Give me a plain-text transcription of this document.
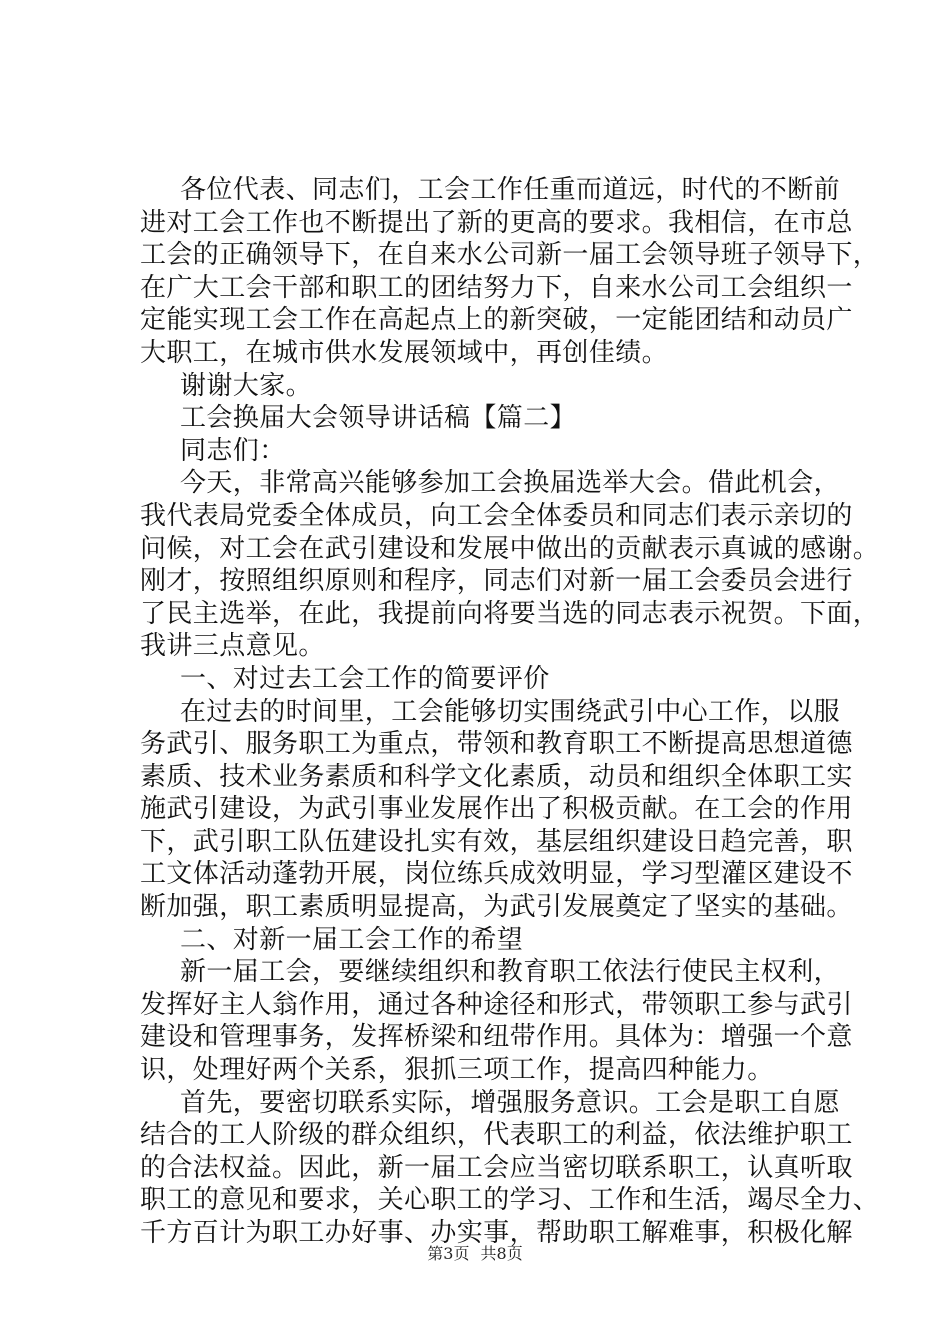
各位代表、同志们，工会工作任重而道远，时代的不断前
进对工会工作也不断提出了新的更高的要求。我相信，在市总
工会的正确领导下，在自来水公司新一届工会领导班子领导下，
在广大工会干部和职工的团结努力下，自来水公司工会组织一
定能实现工会工作在高起点上的新突破，一定能团结和动员广
大职工，在城市供水发展领域中，再创佳绩。
谢谢大家。
工会换届大会领导讲话稿【篇二】
同志们：
今天，非常高兴能够参加工会换届选举大会。借此机会，
我代表局党委全体成员，向工会全体委员和同志们表示亲切的
问候，对工会在武引建设和发展中做出的贡献表示真诚的感谢。
刚才，按照组织原则和程序，同志们对新一届工会委员会进行
了民主选举，在此，我提前向将要当选的同志表示祝贺。下面，
我讲三点意见。
一、对过去工会工作的简要评价
在过去的时间里，工会能够切实围绕武引中心工作，以服
务武引、服务职工为重点，带领和教育职工不断提高思想道德
素质、技术业务素质和科学文化素质，动员和组织全体职工实
施武引建设，为武引事业发展作出了积极贡献。在工会的作用
下，武引职工队伍建设扎实有效，基层组织建设日趋完善，职
工文体活动蓬勃开展，岗位练兵成效明显，学习型灌区建设不
断加强，职工素质明显提高，为武引发展奠定了坚实的基础。
二、对新一届工会工作的希望
新一届工会，要继续组织和教育职工依法行使民主权利，
发挥好主人翁作用，通过各种途径和形式，带领职工参与武引
建设和管理事务，发挥桥梁和纽带作用。具体为：增强一个意
识，处理好两个关系，狠抓三项工作，提高四种能力。
首先，要密切联系实际，增强服务意识。工会是职工自愿
结合的工人阶级的群众组织，代表职工的利益，依法维护职工
的合法权益。因此，新一届工会应当密切联系职工，认真听取
职工的意见和要求，关心职工的学习、工作和生活，竭尽全力、
千方百计为职工办好事、办实事，帮助职工解难事，积极化解
第3页 共8页
